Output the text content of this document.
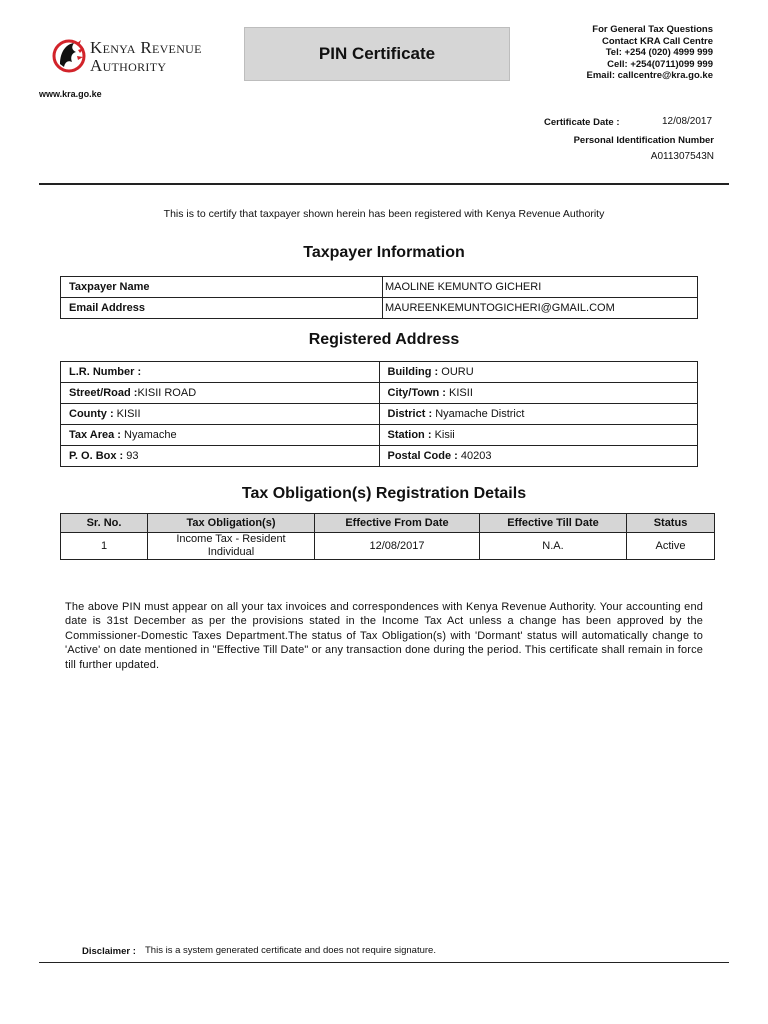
Kenya Revenue
Authority
www.kra.go.ke
PIN Certificate
For General Tax Questions
Contact KRA Call Centre
Tel: +254 (020) 4999 999
Cell: +254(0711)099 999
Email: callcentre@kra.go.ke
Certificate Date :	12/08/2017
Personal Identification Number
A011307543N
This is to certify that taxpayer shown herein has been registered with Kenya Revenue Authority
Taxpayer Information
Taxpayer Name	MAOLINE KEMUNTO GICHERI
Email Address	MAUREENKEMUNTOGICHERI@GMAIL.COM
Registered Address
L.R. Number :	Building : OURU
Street/Road :KISII ROAD	City/Town : KISII
County : KISII	District : Nyamache District
Tax Area : Nyamache	Station : Kisii
P. O. Box : 93	Postal Code : 40203
Tax Obligation(s) Registration Details
Sr. No.	Tax Obligation(s)	Effective From Date	Effective Till Date	Status
1	Income Tax - Resident Individual	12/08/2017	N.A.	Active
The above PIN must appear on all your tax invoices and correspondences with Kenya Revenue Authority. Your accounting end date is 31st December as per the provisions stated in the Income Tax Act unless a change has been approved by the Commissioner-Domestic Taxes Department.The status of Tax Obligation(s) with 'Dormant' status will automatically change to 'Active' on date mentioned in "Effective Till Date" or any transaction done during the period. This certificate shall remain in force till further updated.
Disclaimer : This is a system generated certificate and does not require signature.
